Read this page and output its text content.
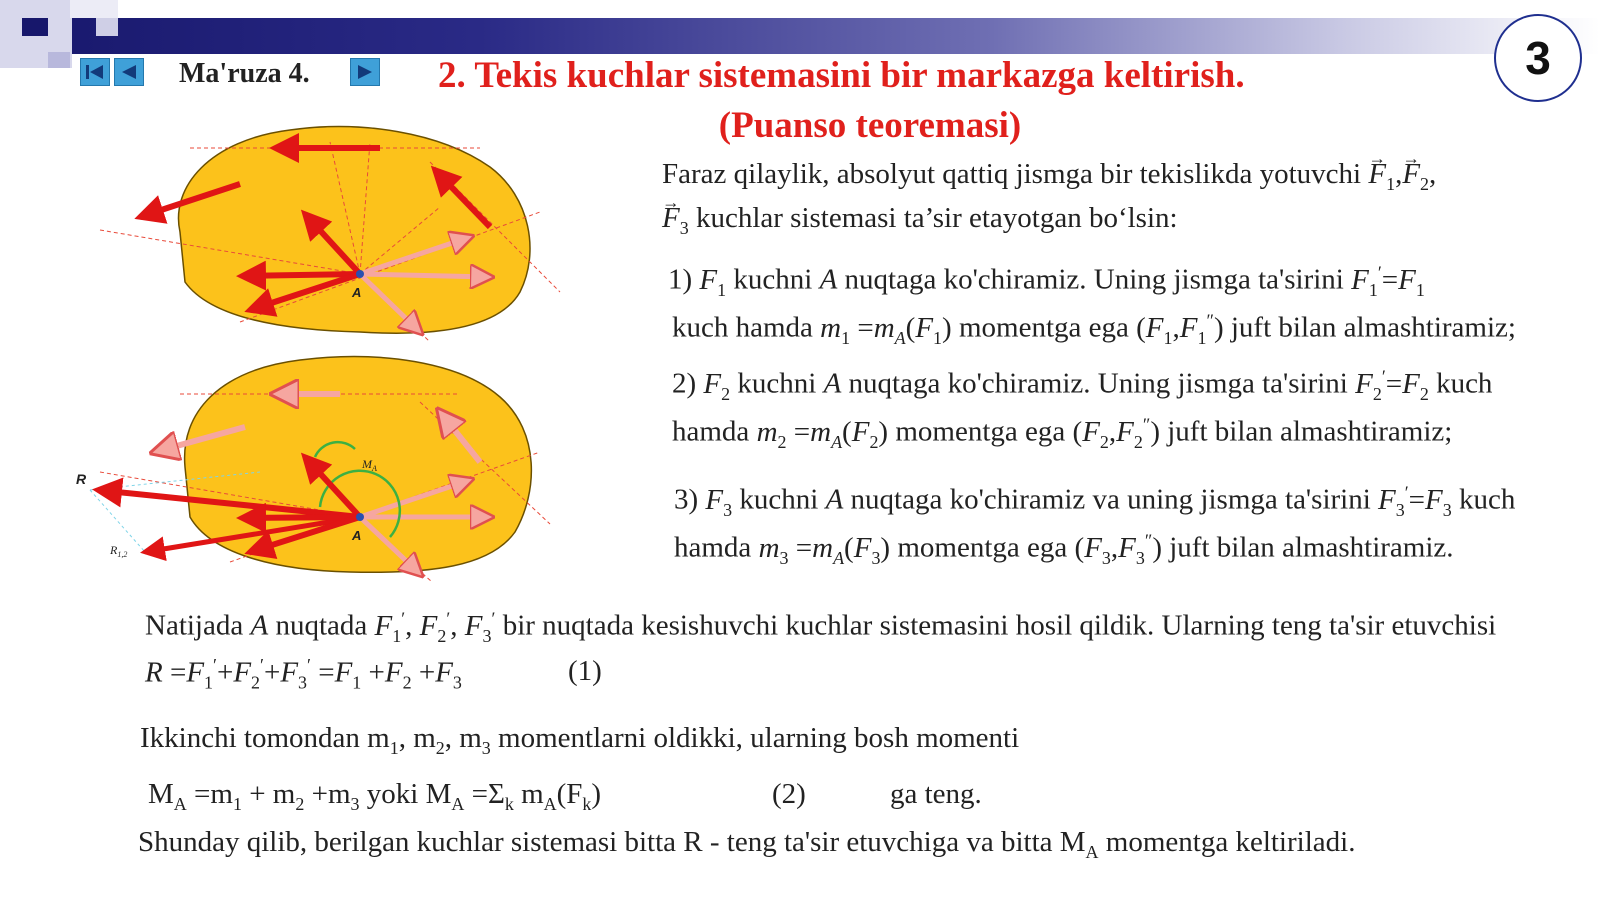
3
Ma'ruza 4.	2. Tekis kuchlar sistemasini bir markazga keltirish.
(Puanso teoremasi)
A
A
R
$R_{1,2}$
$M_A$
Faraz qilaylik, absolyut qattiq jismga bir tekislikda yotuvchi → $F_1,\to F_2$,
→ $F_3$ kuchlar sistemasi ta’sir etayotgan bo‘lsin:
1) $F_1$ kuchni A nuqtaga ko'chiramiz. Uning jismga ta'sirini $F_1'=F_1$
kuch hamda $m_1 =m_A(F_1)$ momentga ega $(F_1,F_1'')$ juft bilan almashtiramiz;
2) $F_2$ kuchni A nuqtaga ko'chiramiz. Uning jismga ta'sirini $F_2'=F_2$ kuch
hamda $m_2 =m_A(F_2)$ momentga ega $(F_2,F_2'')$ juft bilan almashtiramiz;
3) $F_3$ kuchni A nuqtaga ko'chiramiz va uning jismga ta'sirini $F_3'=F_3$ kuch
hamda $m_3 =m_A(F_3)$ momentga ega $(F_3,F_3'')$ juft bilan almashtiramiz.
Natijada A nuqtada $F_1'$, $F_2'$, $F_3'$ bir nuqtada kesishuvchi kuchlar sistemasini hosil qildik. Ularning teng ta'sir etuvchisi
$R =F_1'+F_2'+F_3' =F_1 +F_2 +F_3$	(1)
Ikkinchi tomondan $m_1$, $m_2$, $m_3$ momentlarni oldikki, ularning bosh momenti
$M_A =m_1 + m_2 +m_3$ yoki $M_A =\Sigma_k$ $m_A(F_k)$	(2)	ga teng.
Shunday qilib, berilgan kuchlar sistemasi bitta R - teng ta'sir etuvchiga va bitta $M_A$ momentga keltiriladi.
